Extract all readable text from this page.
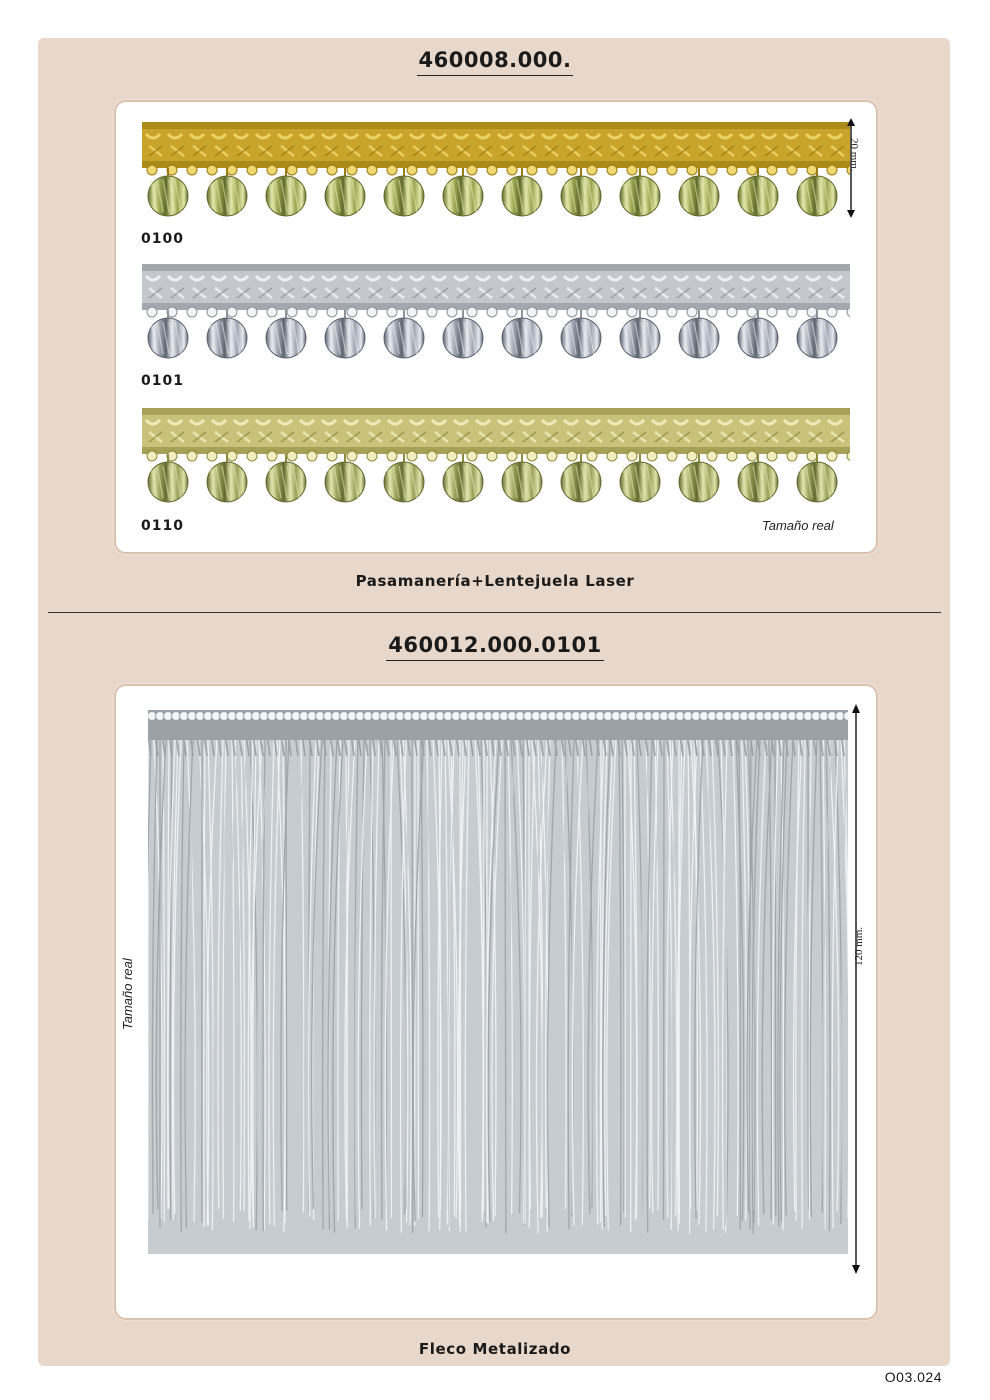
460008.000.
0100
20 mm.
0101
0110	Tamaño real
Pasamanería+Lentejuela Laser
460012.000.0101
120 mm.
Tamaño real
Fleco Metalizado
O03.024
